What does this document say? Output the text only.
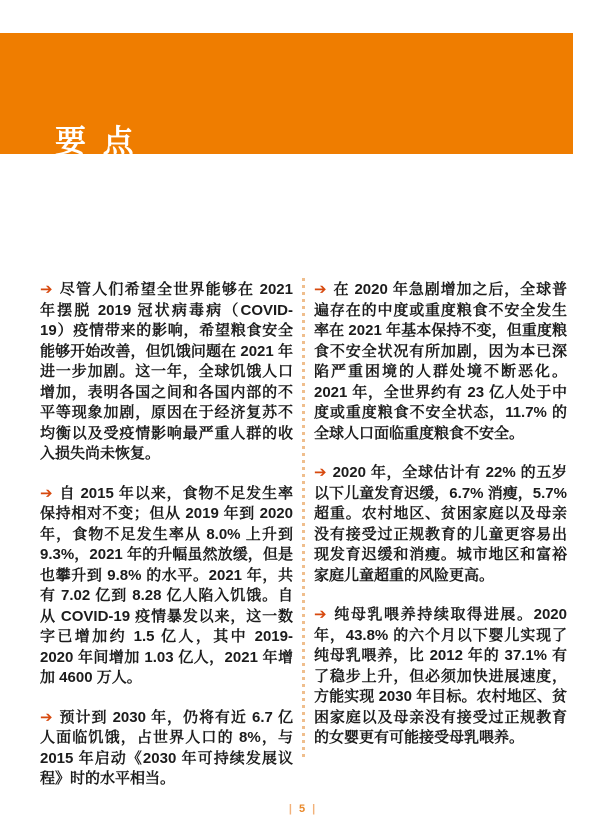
要 点

➔ 尽管人们希望全世界能够在 2021 年摆脱 2019 冠状病毒病（COVID-19）疫情带来的影响，希望粮食安全能够开始改善，但饥饿问题在 2021 年进一步加剧。这一年，全球饥饿人口增加，表明各国之间和各国内部的不平等现象加剧，原因在于经济复苏不均衡以及受疫情影响最严重人群的收入损失尚未恢复。

➔ 自 2015 年以来，食物不足发生率保持相对不变；但从 2019 年到 2020 年，食物不足发生率从 8.0% 上升到 9.3%，2021 年的升幅虽然放缓，但是也攀升到 9.8% 的水平。2021 年，共有 7.02 亿到 8.28 亿人陷入饥饿。自从 COVID-19 疫情暴发以来，这一数字已增加约 1.5 亿人，其中 2019-2020 年间增加 1.03 亿人，2021 年增加 4600 万人。

➔ 预计到 2030 年，仍将有近 6.7 亿人面临饥饿，占世界人口的 8%，与 2015 年启动《2030 年可持续发展议程》时的水平相当。

➔ 在 2020 年急剧增加之后，全球普遍存在的中度或重度粮食不安全发生率在 2021 年基本保持不变，但重度粮食不安全状况有所加剧，因为本已深陷严重困境的人群处境不断恶化。2021 年，全世界约有 23 亿人处于中度或重度粮食不安全状态，11.7% 的全球人口面临重度粮食不安全。

➔ 2020 年，全球估计有 22% 的五岁以下儿童发育迟缓，6.7% 消瘦，5.7% 超重。农村地区、贫困家庭以及母亲没有接受过正规教育的儿童更容易出现发育迟缓和消瘦。城市地区和富裕家庭儿童超重的风险更高。

➔ 纯母乳喂养持续取得进展。2020 年，43.8% 的六个月以下婴儿实现了纯母乳喂养，比 2012 年的 37.1% 有了稳步上升，但必须加快进展速度，方能实现 2030 年目标。农村地区、贫困家庭以及母亲没有接受过正规教育的女婴更有可能接受母乳喂养。

| 5 |
